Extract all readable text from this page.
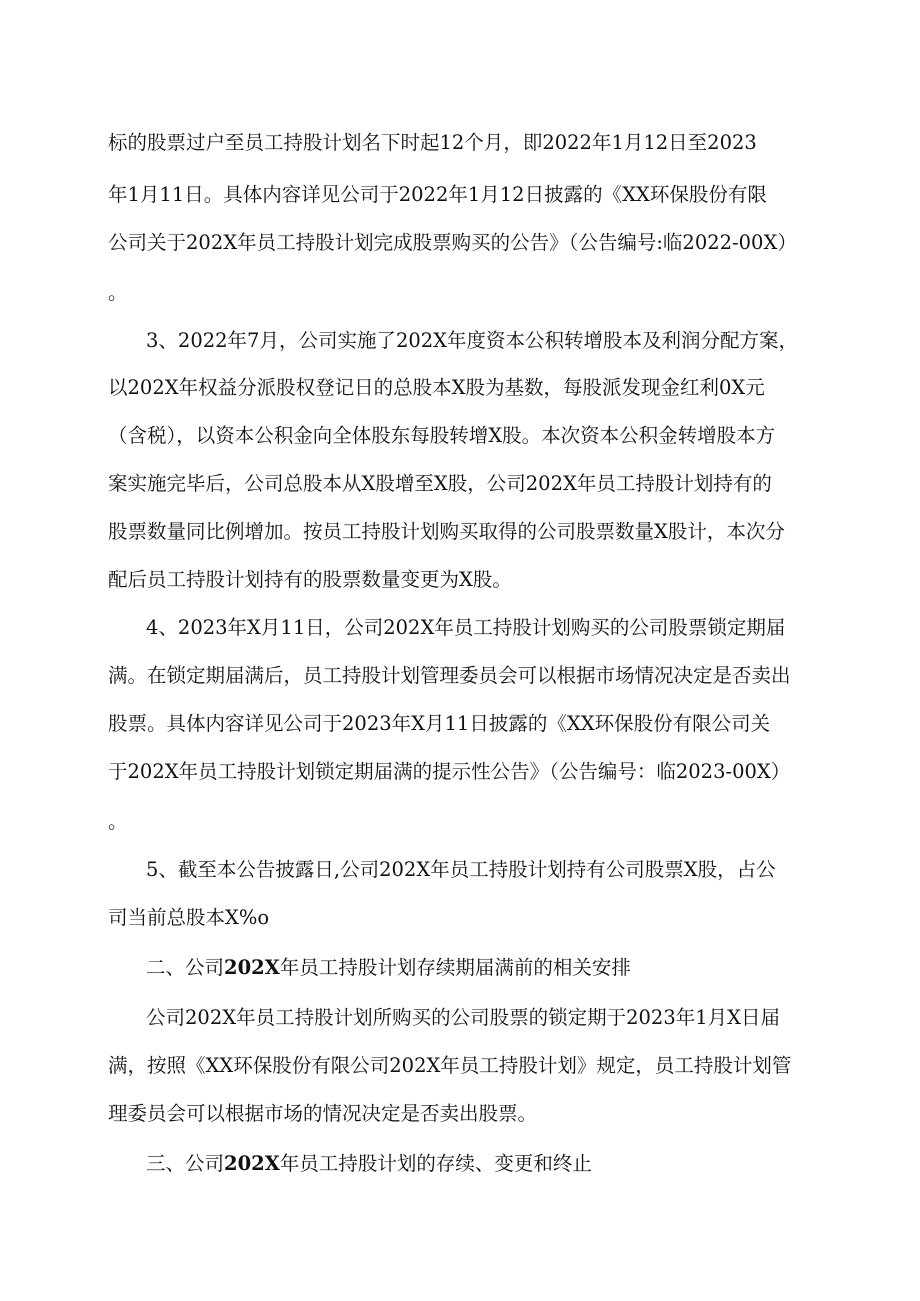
标的股票过户至员工持股计划名下时起12个月，即2022年1月12日至2023
年1月11日。具体内容详见公司于2022年1月12日披露的《XX环保股份有限
公司关于202X年员工持股计划完成股票购买的公告》（公告编号:临2022-00X）
。
3、2022年7月，公司实施了202X年度资本公积转增股本及利润分配方案，
以202X年权益分派股权登记日的总股本X股为基数，每股派发现金红利0X元
（含税），以资本公积金向全体股东每股转增X股。本次资本公积金转增股本方
案实施完毕后，公司总股本从X股增至X股，公司202X年员工持股计划持有的
股票数量同比例增加。按员工持股计划购买取得的公司股票数量X股计，本次分
配后员工持股计划持有的股票数量变更为X股。
4、2023年X月11日，公司202X年员工持股计划购买的公司股票锁定期届
满。在锁定期届满后，员工持股计划管理委员会可以根据市场情况决定是否卖出
股票。具体内容详见公司于2023年X月11日披露的《XX环保股份有限公司关
于202X年员工持股计划锁定期届满的提示性公告》（公告编号：临2023-00X）
。
5、截至本公告披露日,公司202X年员工持股计划持有公司股票X股，占公
司当前总股本X%o
二、公司202X年员工持股计划存续期届满前的相关安排
公司202X年员工持股计划所购买的公司股票的锁定期于2023年1月X日届
满，按照《XX环保股份有限公司202X年员工持股计划》规定，员工持股计划管
理委员会可以根据市场的情况决定是否卖出股票。
三、公司202X年员工持股计划的存续、变更和终止
